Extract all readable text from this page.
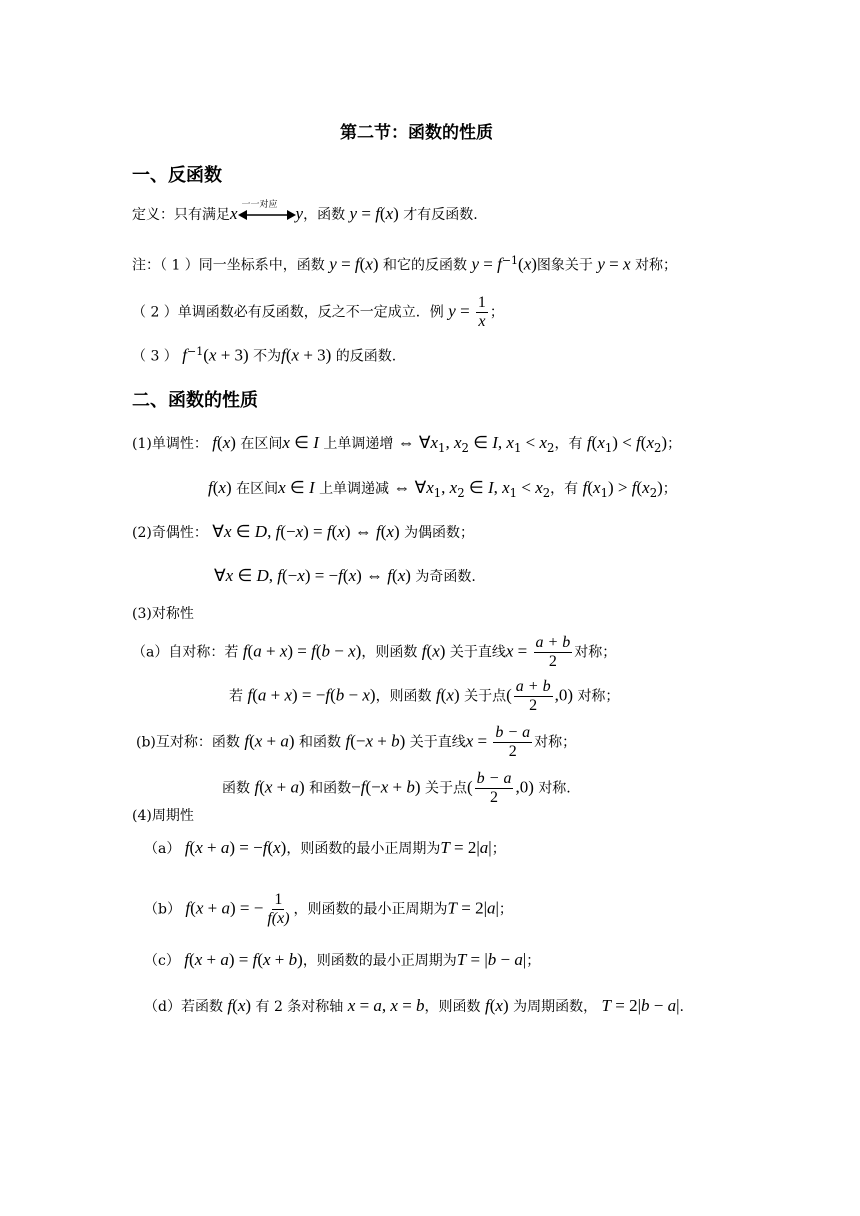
第二节：函数的性质
一、反函数
定义：只有满足x 一一对应 y，函数 y = f(x) 才有反函数.
注：（ 1 ）同一坐标系中，函数 y = f(x) 和它的反函数 $y = f^{-1}(x)$图象关于 y = x 对称；
（ 2 ）单调函数必有反函数，反之不一定成立．例 $y = \frac{1}{x}$ ；
（ 3 ） $f^{-1}(x + 3)$ 不为f(x + 3) 的反函数.
二、函数的性质
(1)单调性： f(x) 在区间x ∈ I 上单调递增 ⇔ $\forall x_1$, $x_2$ ∈ I, $x_1 < x_2$，有 $f(x_1) < f(x_2)$；
f(x) 在区间x ∈ I 上单调递减 ⇔ $\forall x_1$, $x_2$ ∈ I, $x_1 < x_2$，有 $f(x_1) > f(x_2)$；
(2)奇偶性： ∀x ∈ D, f(−x) = f(x) ⇔ f(x) 为偶函数；
∀x ∈ D, f(−x) = −f(x) ⇔ f(x) 为奇函数.
(3)对称性
（a）自对称：若 f(a + x) = f(b − x)，则函数 f(x) 关于直线$x = \frac{a + b}{2}$ 对称；
若 f(a + x) = −f(b − x)，则函数 f(x) 关于点( $\frac{a + b}{2} ,0$) 对称；
(b)互对称：函数 f(x + a) 和函数 f(−x + b) 关于直线$x = \frac{b - a}{2}$ 对称；
函数 f(x + a) 和函数−f(−x + b) 关于点( $\frac{b - a}{2} ,0$) 对称.
(4)周期性
（a） f(x + a) = −f(x)，则函数的最小正周期为T = 2|a|；
（b） f(x + a) = − $\frac{1}{f(x)}$ ，则函数的最小正周期为T = 2|a|；
（c） f(x + a) = f(x + b)，则函数的最小正周期为T = |b − a|；
（d）若函数 f(x) 有 2 条对称轴 x = a, x = b，则函数 f(x) 为周期函数， T = 2|b − a|.
